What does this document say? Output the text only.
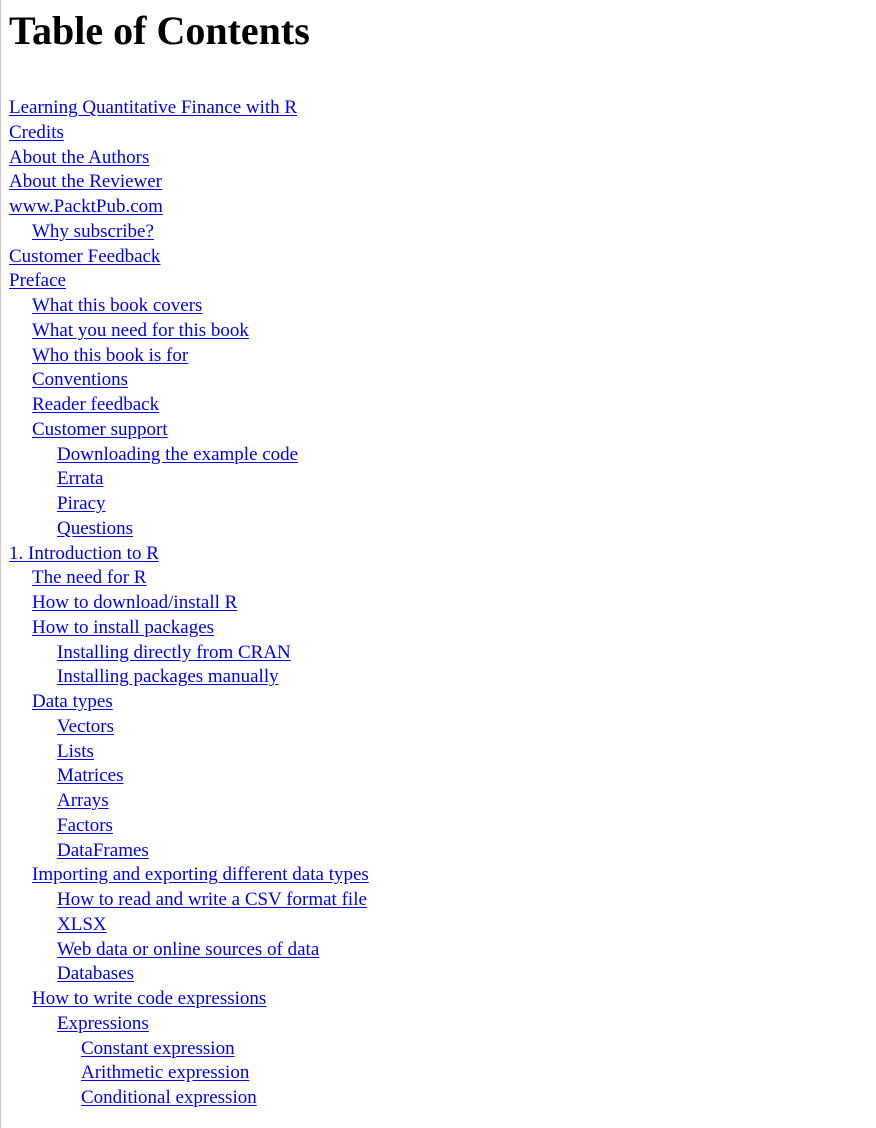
Table of Contents
Learning Quantitative Finance with R
Credits
About the Authors
About the Reviewer
www.PacktPub.com
Why subscribe?
Customer Feedback
Preface
What this book covers
What you need for this book
Who this book is for
Conventions
Reader feedback
Customer support
Downloading the example code
Errata
Piracy
Questions
1. Introduction to R
The need for R
How to download/install R
How to install packages
Installing directly from CRAN
Installing packages manually
Data types
Vectors
Lists
Matrices
Arrays
Factors
DataFrames
Importing and exporting different data types
How to read and write a CSV format file
XLSX
Web data or online sources of data
Databases
How to write code expressions
Expressions
Constant expression
Arithmetic expression
Conditional expression
